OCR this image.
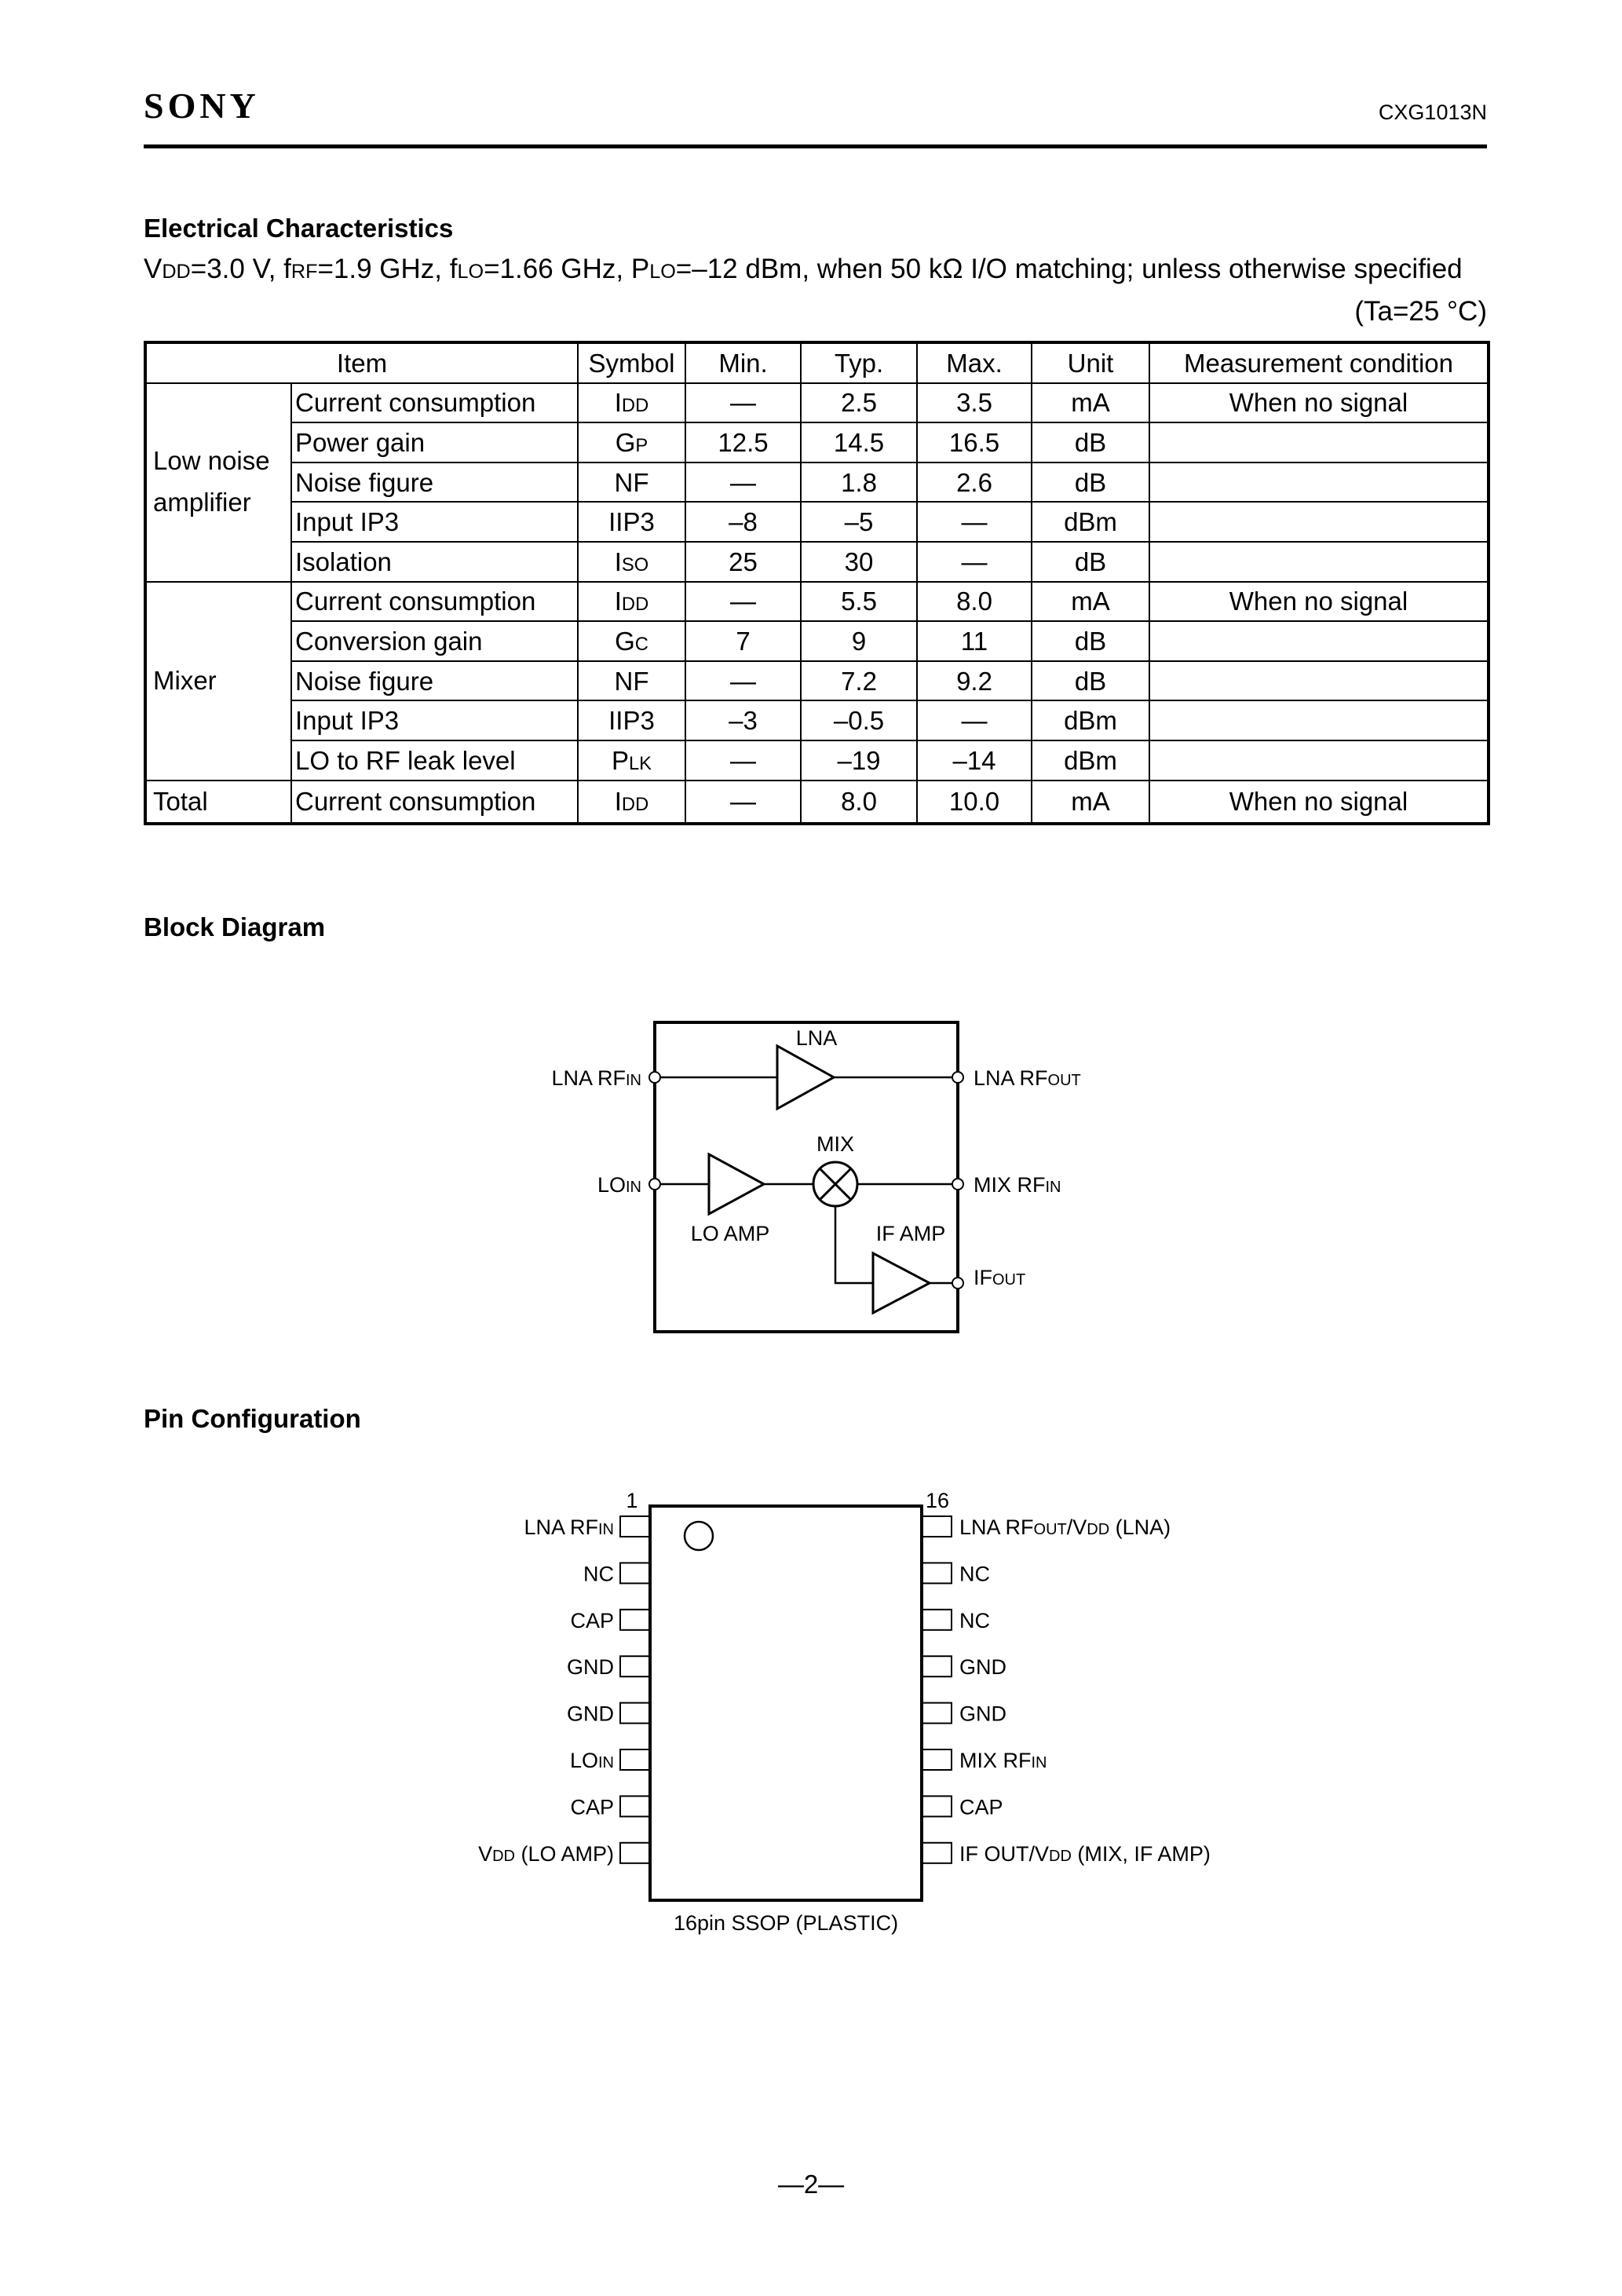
SONY	CXG1013N
Electrical Characteristics
VDD=3.0 V, fRF=1.9 GHz, fLO=1.66 GHz, PLO=–12 dBm, when 50 kΩ I/O matching; unless otherwise specified
(Ta=25 °C)
Item		Symbol	Min.	Typ.	Max.	Unit	Measurement condition
Low noise amplifier	Current consumption	IDD	—	2.5	3.5	mA	When no signal
	Power gain	GP	12.5	14.5	16.5	dB	
	Noise figure	NF	—	1.8	2.6	dB	
	Input IP3	IIP3	–8	–5	—	dBm	
	Isolation	ISO	25	30	—	dB	
Mixer	Current consumption	IDD	—	5.5	8.0	mA	When no signal
	Conversion gain	GC	7	9	11	dB	
	Noise figure	NF	—	7.2	9.2	dB	
	Input IP3	IIP3	–3	–0.5	—	dBm	
	LO to RF leak level	PLK	—	–19	–14	dBm	
Total	Current consumption	IDD	—	8.0	10.0	mA	When no signal
Block Diagram
LNA
MIX
LO AMP	IF AMP
LNA RFIN	LNA RFOUT
LOIN	MIX RFIN
IFOUT
Pin Configuration
1	16
16pin SSOP (PLASTIC)
LNA RFIN
NC
CAP
GND
GND
LOIN
CAP
VDD (LO AMP)
LNA RFOUT/VDD (LNA)
NC
NC
GND
GND
MIX RFIN
CAP
IF OUT/VDD (MIX, IF AMP)
—2—
